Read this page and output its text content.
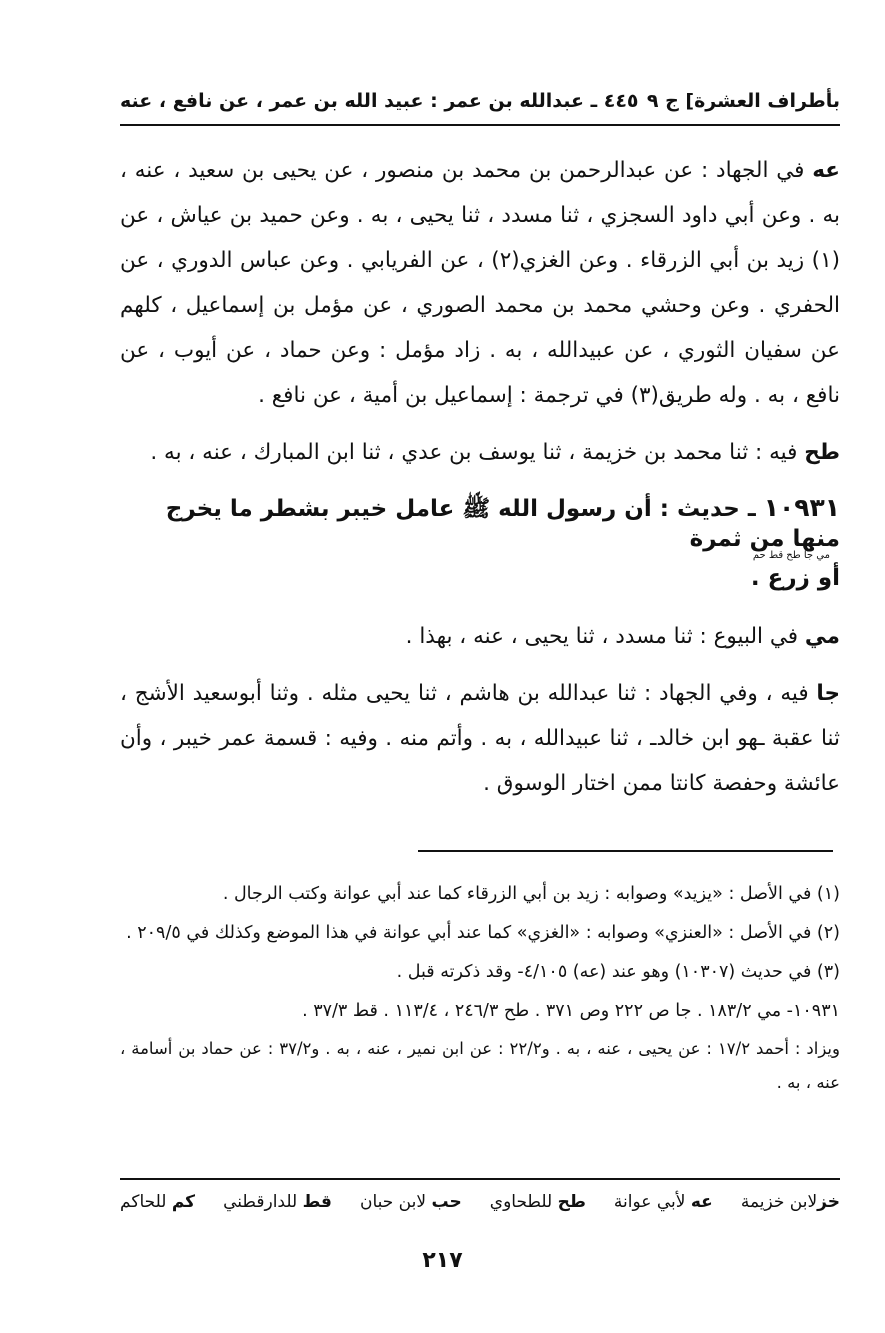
بأطراف العشرة] ج ٩
٤٤٥ ـ عبدالله بن عمر : عبيد الله بن عمر ، عن نافع ، عنه

عه في الجهاد : عن عبدالرحمن بن محمد بن منصور ، عن يحيى بن سعيد ، عنه ، به . وعن أبي داود السجزي ، ثنا مسدد ، ثنا يحيى ، به . وعن حميد بن عياش ، عن (١) زيد بن أبي الزرقاء . وعن الغزي(٢) ، عن الفريابي . وعن عباس الدوري ، عن الحفري . وعن وحشي محمد بن محمد الصوري ، عن مؤمل بن إسماعيل ، كلهم عن سفيان الثوري ، عن عبيدالله ، به . زاد مؤمل : وعن حماد ، عن أيوب ، عن نافع ، به . وله طريق(٣) في ترجمة : إسماعيل بن أمية ، عن نافع .

طح فيه : ثنا محمد بن خزيمة ، ثنا يوسف بن عدي ، ثنا ابن المبارك ، عنه ، به .

١٠٩٣١ ـ حديث : أن رسول الله ﷺ عامل خيبر بشطر ما يخرج منها من ثمرة
مي جا طح قط حم
أو زرع .

مي في البيوع : ثنا مسدد ، ثنا يحيى ، عنه ، بهذا .

جا فيه ، وفي الجهاد : ثنا عبدالله بن هاشم ، ثنا يحيى مثله . وثنا أبوسعيد الأشج ، ثنا عقبة ـهو ابن خالدـ ، ثنا عبيدالله ، به . وأتم منه . وفيه : قسمة عمر خيبر ، وأن عائشة وحفصة كانتا ممن اختار الوسوق .

(١) في الأصل : «يزيد» وصوابه : زيد بن أبي الزرقاء كما عند أبي عوانة وكتب الرجال .

(٢) في الأصل : «العنزي» وصوابه : «الغزي» كما عند أبي عوانة في هذا الموضع وكذلك في ٢٠٩/٥ .

(٣) في حديث (١٠٣٠٧) وهو عند (عه) ٤/١٠٥- وقد ذكرته قبل .

١٠٩٣١- مي ١٨٣/٢ . جا ص ٢٢٢ وص ٣٧١ . طح ٢٤٦/٣ ، ١١٣/٤ . قط ٣٧/٣ .

ويزاد : أحمد ١٧/٢ : عن يحيى ، عنه ، به . و٢٢/٢ : عن ابن نمير ، عنه ، به . و٣٧/٢ : عن حماد بن أسامة ، عنه ، به .

خزلابن خزيمة
عه لأبي عوانة
طح للطحاوي
حب لابن حبان
قط للدارقطني
كم للحاكم
٢١٧
